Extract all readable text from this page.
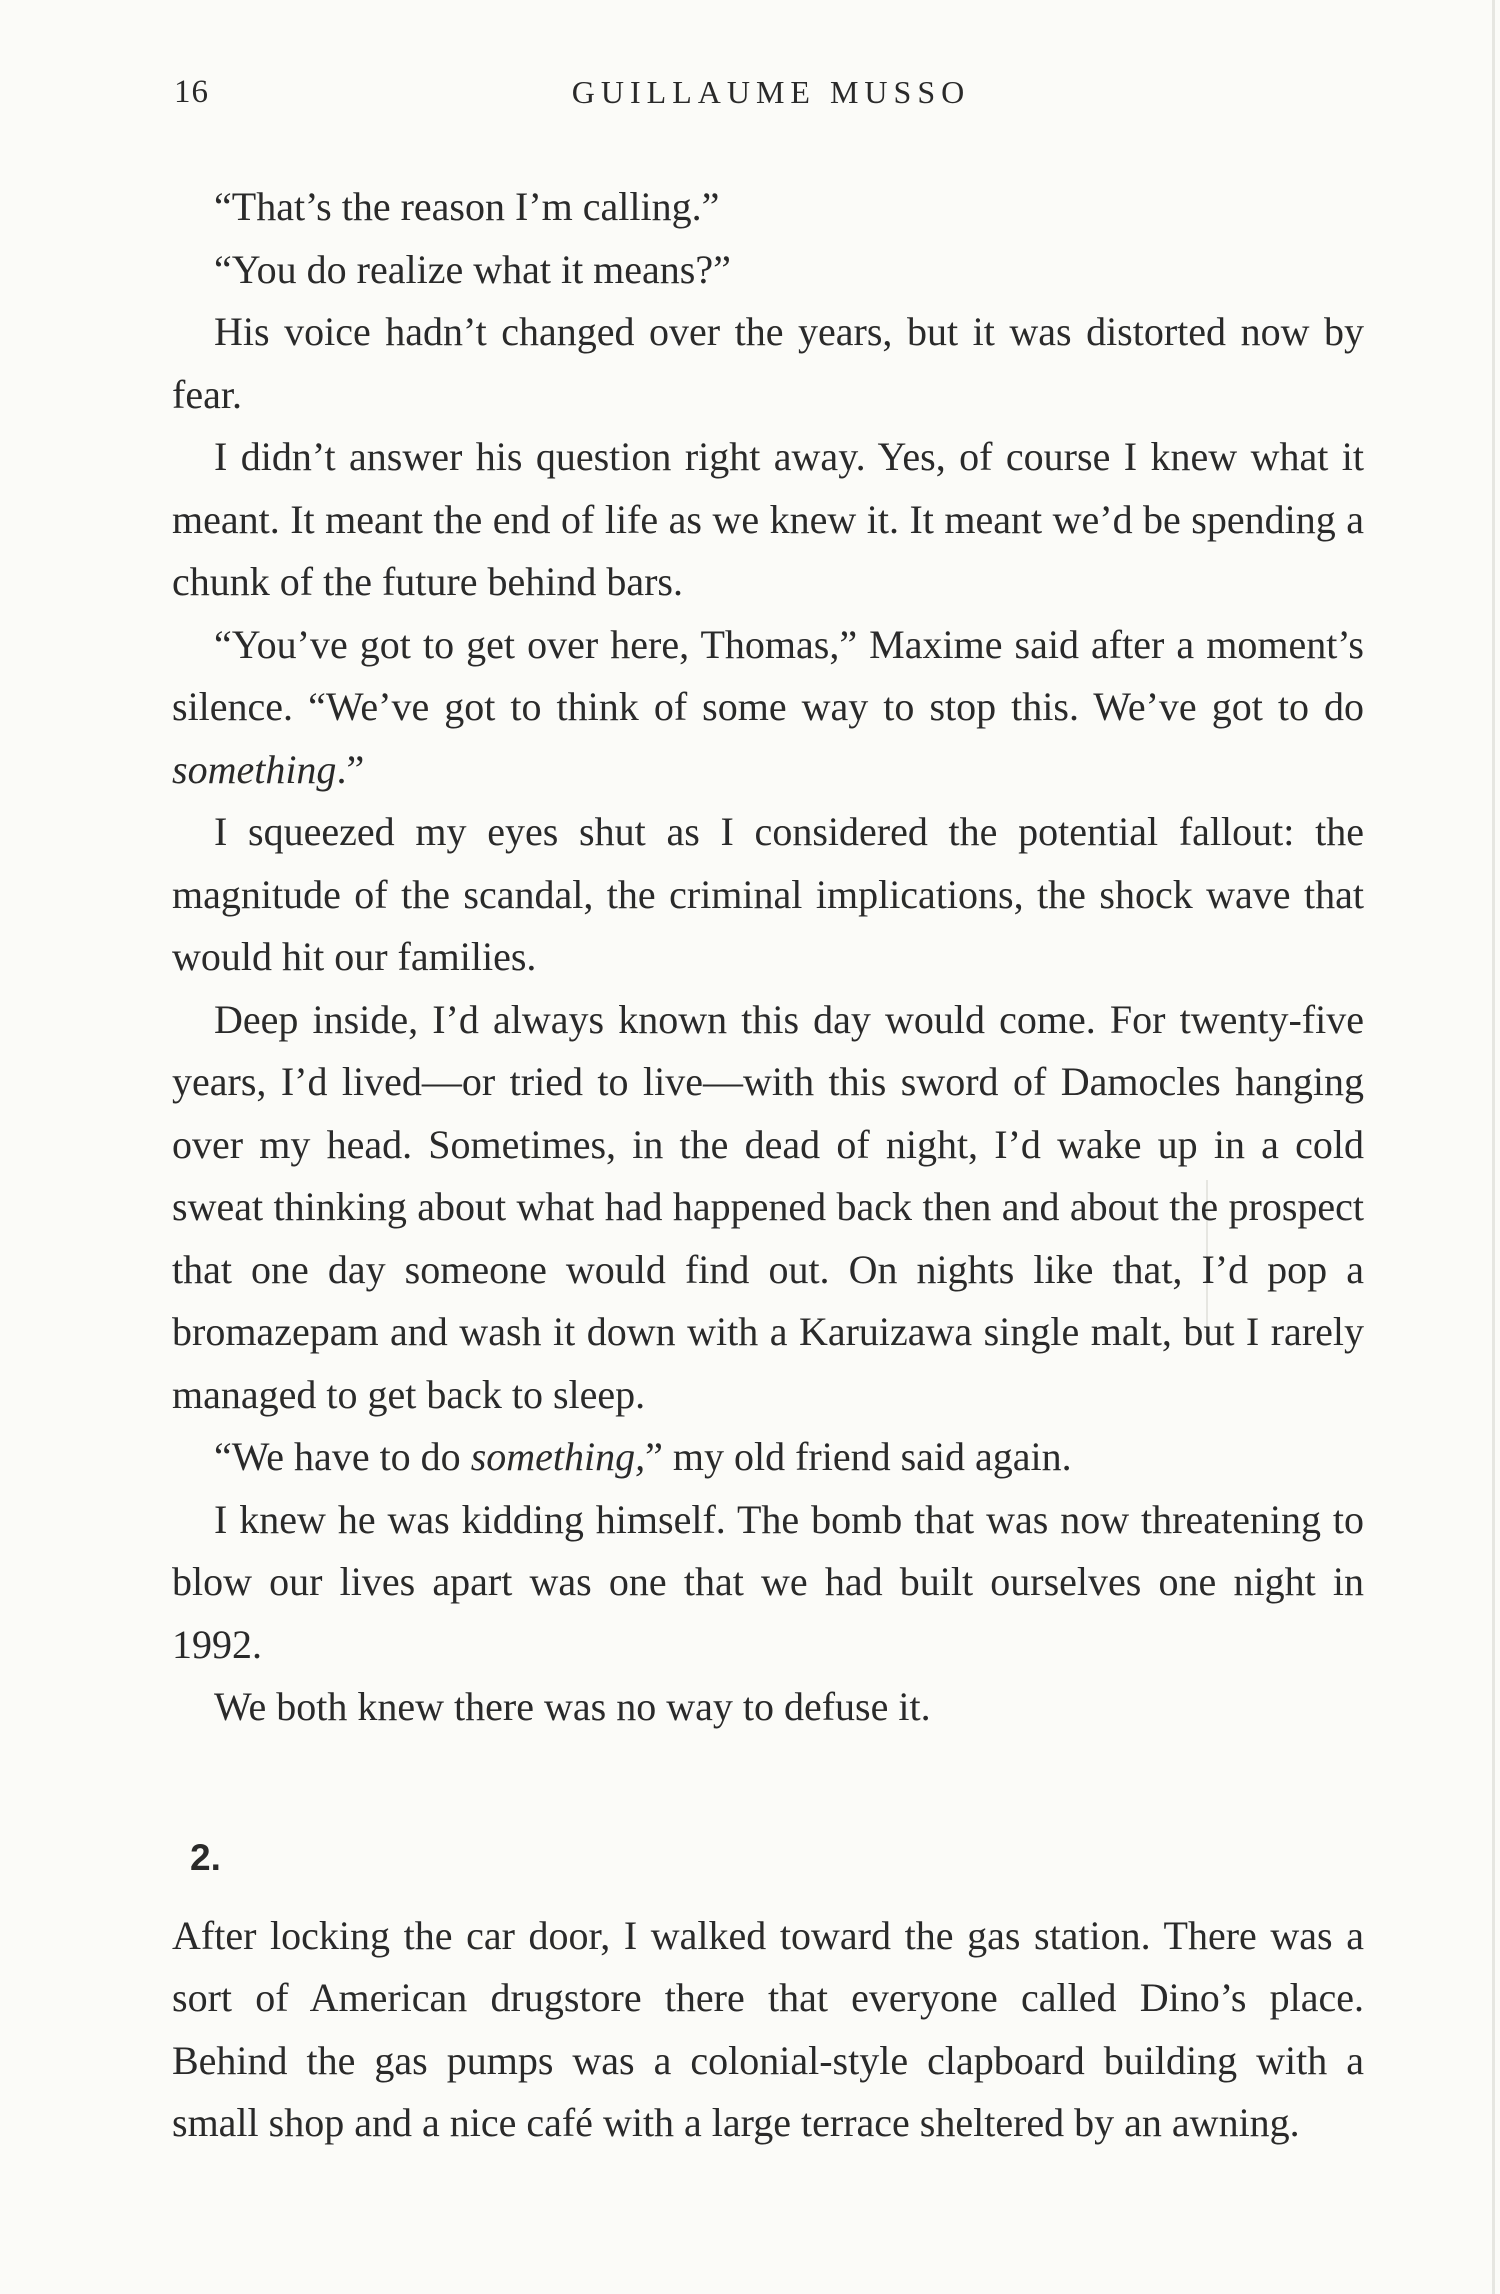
16	GUILLAUME MUSSO

“That’s the reason I’m calling.”

“You do realize what it means?”

His voice hadn’t changed over the years, but it was distorted now by fear.

I didn’t answer his question right away. Yes, of course I knew what it meant. It meant the end of life as we knew it. It meant we’d be spending a chunk of the future behind bars.

“You’ve got to get over here, Thomas,” Maxime said after a moment’s silence. “We’ve got to think of some way to stop this. We’ve got to do something.”

I squeezed my eyes shut as I considered the potential fallout: the magnitude of the scandal, the criminal implications, the shock wave that would hit our families.

Deep inside, I’d always known this day would come. For twenty-five years, I’d lived—or tried to live—with this sword of Damocles hanging over my head. Sometimes, in the dead of night, I’d wake up in a cold sweat thinking about what had happened back then and about the prospect that one day someone would find out. On nights like that, I’d pop a bromazepam and wash it down with a Karuizawa single malt, but I rarely managed to get back to sleep.

“We have to do something,” my old friend said again.

I knew he was kidding himself. The bomb that was now threatening to blow our lives apart was one that we had built ourselves one night in 1992.

We both knew there was no way to defuse it.

2.

After locking the car door, I walked toward the gas station. There was a sort of American drugstore there that everyone called Dino’s place. Behind the gas pumps was a colonial-style clapboard building with a small shop and a nice café with a large terrace sheltered by an awning.
